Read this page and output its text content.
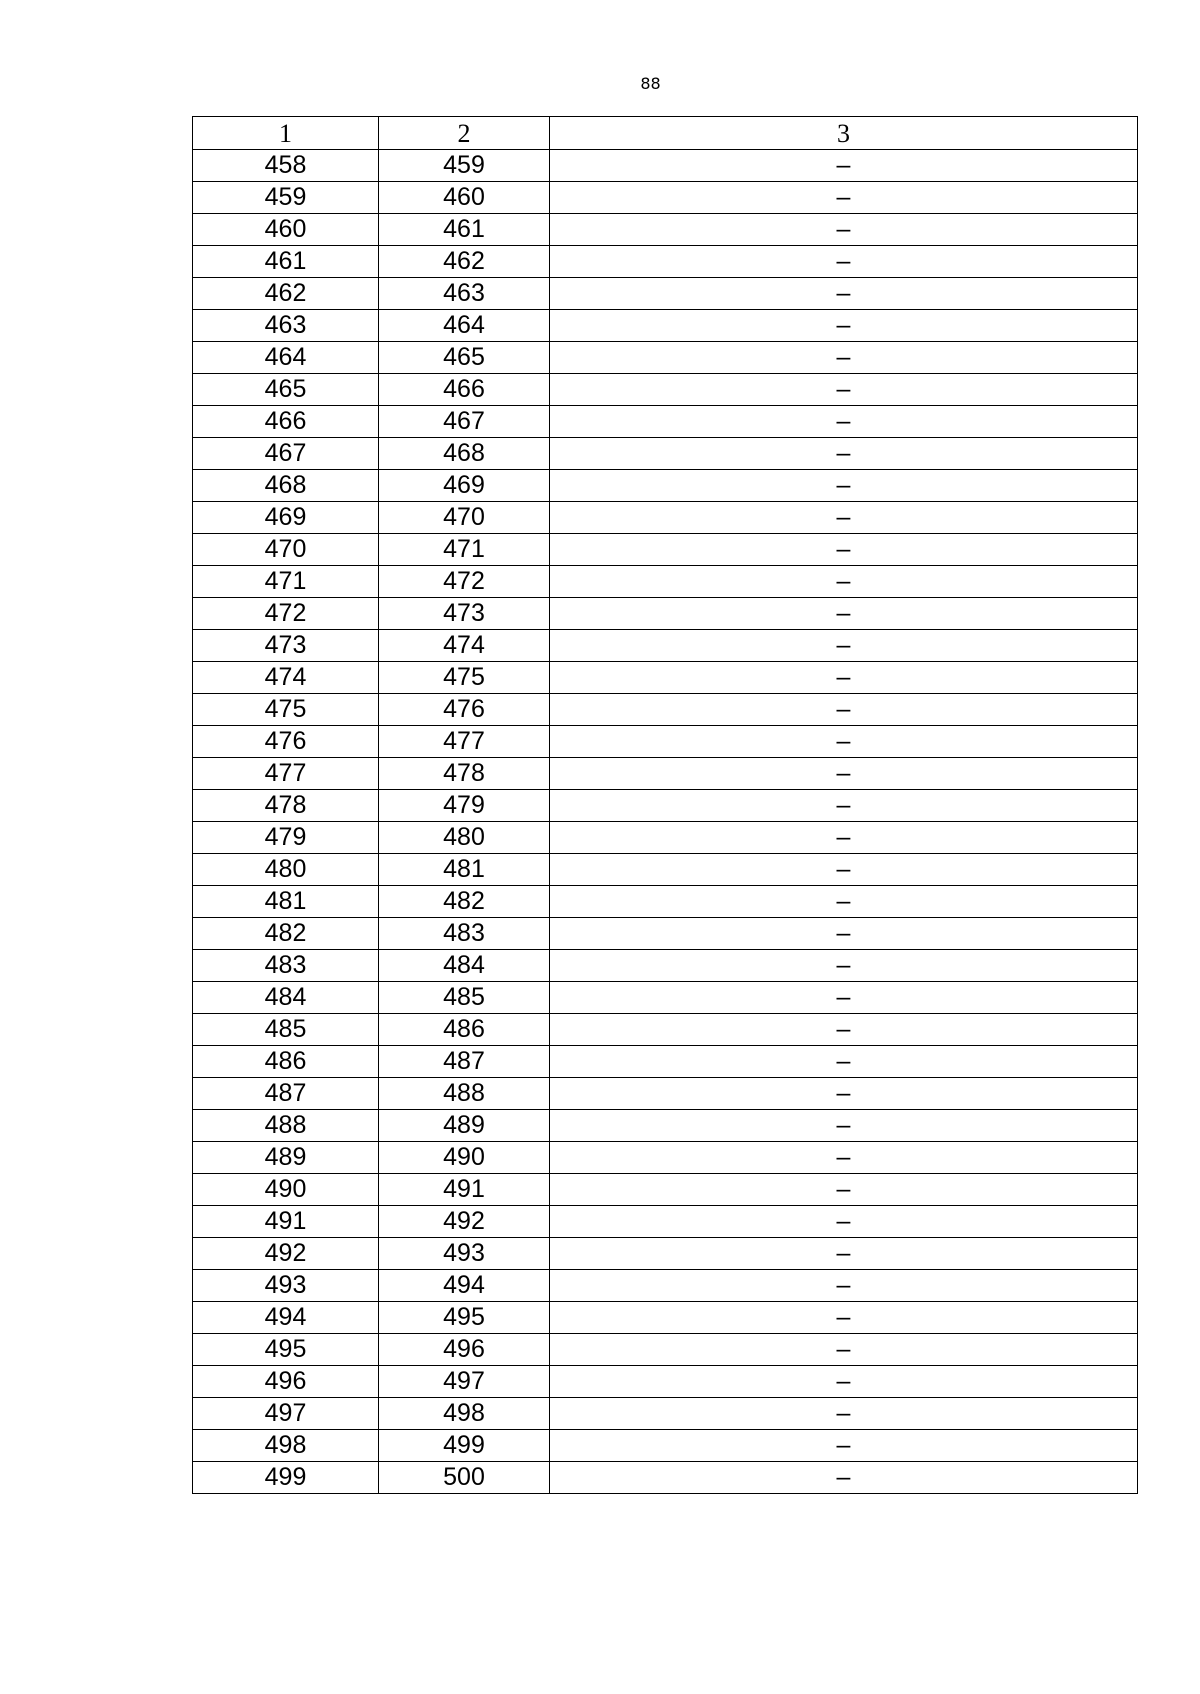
88
1	2	3
458	459	–
459	460	–
460	461	–
461	462	–
462	463	–
463	464	–
464	465	–
465	466	–
466	467	–
467	468	–
468	469	–
469	470	–
470	471	–
471	472	–
472	473	–
473	474	–
474	475	–
475	476	–
476	477	–
477	478	–
478	479	–
479	480	–
480	481	–
481	482	–
482	483	–
483	484	–
484	485	–
485	486	–
486	487	–
487	488	–
488	489	–
489	490	–
490	491	–
491	492	–
492	493	–
493	494	–
494	495	–
495	496	–
496	497	–
497	498	–
498	499	–
499	500	–
